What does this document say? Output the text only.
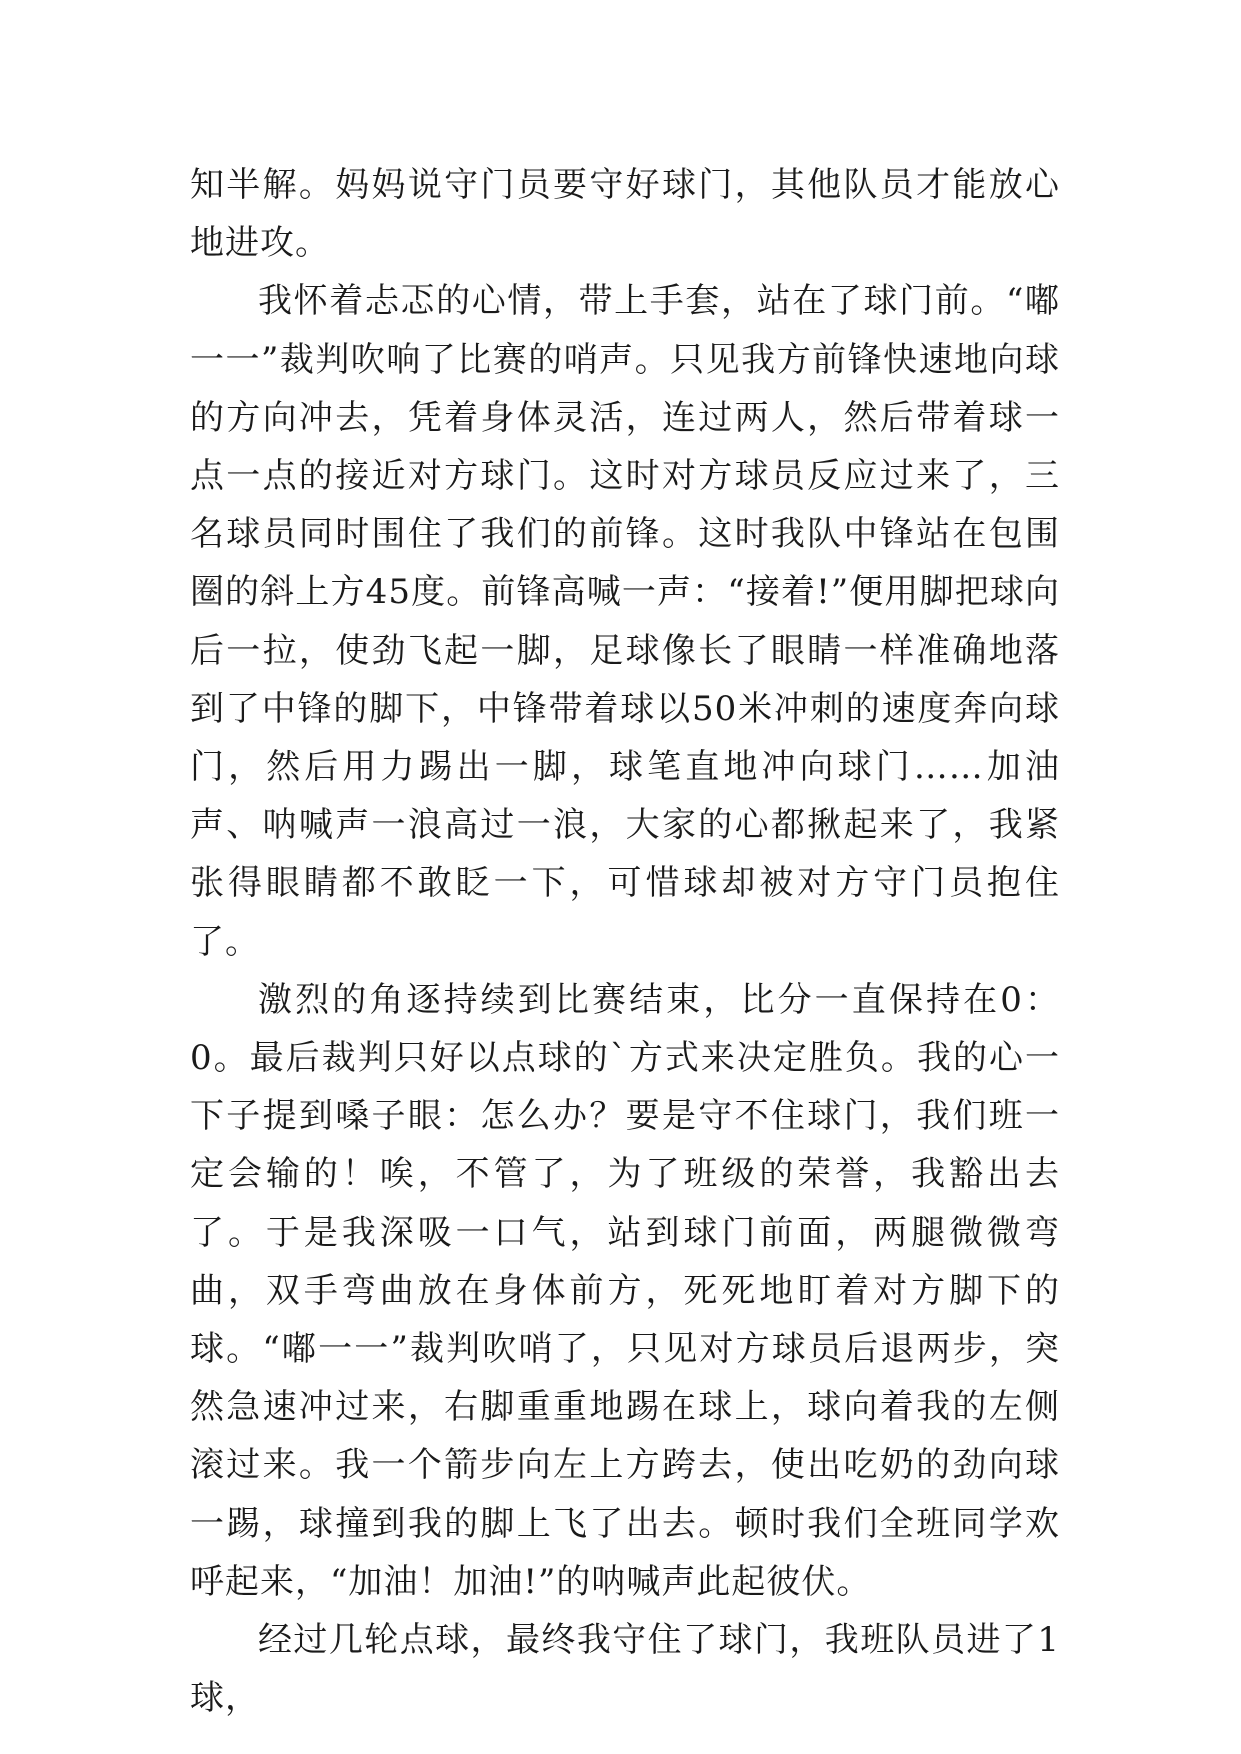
知半解。妈妈说守门员要守好球门，其他队员才能放心地进攻。

我怀着忐忑的心情，带上手套，站在了球门前。“嘟一一”裁判吹响了比赛的哨声。只见我方前锋快速地向球的方向冲去，凭着身体灵活，连过两人，然后带着球一点一点的接近对方球门。这时对方球员反应过来了，三名球员同时围住了我们的前锋。这时我队中锋站在包围圈的斜上方45度。前锋高喊一声：“接着!”便用脚把球向后一拉，使劲飞起一脚，足球像长了眼睛一样准确地落到了中锋的脚下，中锋带着球以50米冲刺的速度奔向球门，然后用力踢出一脚，球笔直地冲向球门……加油声、呐喊声一浪高过一浪，大家的心都揪起来了，我紧张得眼睛都不敢眨一下，可惜球却被对方守门员抱住了。

激烈的角逐持续到比赛结束，比分一直保持在0：0。最后裁判只好以点球的`方式来决定胜负。我的心一下子提到嗓子眼：怎么办？要是守不住球门，我们班一定会输的！唉，不管了，为了班级的荣誉，我豁出去了。于是我深吸一口气，站到球门前面，两腿微微弯曲，双手弯曲放在身体前方，死死地盯着对方脚下的球。“嘟一一”裁判吹哨了，只见对方球员后退两步，突然急速冲过来，右脚重重地踢在球上，球向着我的左侧滚过来。我一个箭步向左上方跨去，使出吃奶的劲向球一踢，球撞到我的脚上飞了出去。顿时我们全班同学欢呼起来，“加油！加油!”的呐喊声此起彼伏。

经过几轮点球，最终我守住了球门，我班队员进了1球，
